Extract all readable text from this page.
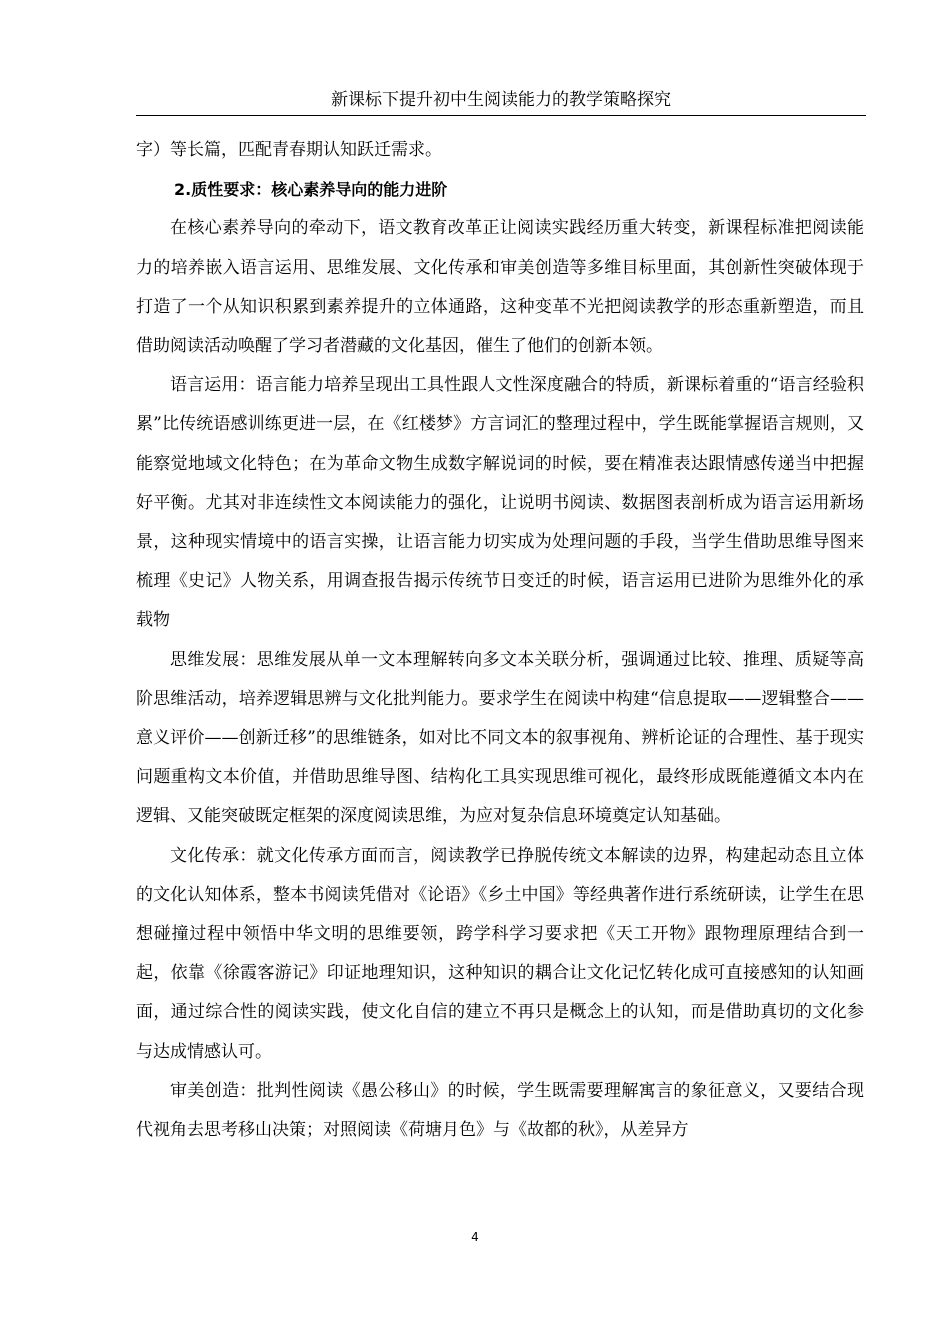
新课标下提升初中生阅读能力的教学策略探究

字）等长篇，匹配青春期认知跃迁需求。

2.质性要求：核心素养导向的能力进阶

在核心素养导向的牵动下，语文教育改革正让阅读实践经历重大转变，新课程标准把阅读能力的培养嵌入语言运用、思维发展、文化传承和审美创造等多维目标里面，其创新性突破体现于打造了一个从知识积累到素养提升的立体通路，这种变革不光把阅读教学的形态重新塑造，而且借助阅读活动唤醒了学习者潜藏的文化基因，催生了他们的创新本领。

语言运用：语言能力培养呈现出工具性跟人文性深度融合的特质，新课标着重的“语言经验积累”比传统语感训练更进一层，在《红楼梦》方言词汇的整理过程中，学生既能掌握语言规则，又能察觉地域文化特色；在为革命文物生成数字解说词的时候，要在精准表达跟情感传递当中把握好平衡。尤其对非连续性文本阅读能力的强化，让说明书阅读、数据图表剖析成为语言运用新场景，这种现实情境中的语言实操，让语言能力切实成为处理问题的手段，当学生借助思维导图来梳理《史记》人物关系，用调查报告揭示传统节日变迁的时候，语言运用已进阶为思维外化的承载物

思维发展：思维发展从单一文本理解转向多文本关联分析，强调通过比较、推理、质疑等高阶思维活动，培养逻辑思辨与文化批判能力。要求学生在阅读中构建“信息提取——逻辑整合——意义评价——创新迁移”的思维链条，如对比不同文本的叙事视角、辨析论证的合理性、基于现实问题重构文本价值，并借助思维导图、结构化工具实现思维可视化，最终形成既能遵循文本内在逻辑、又能突破既定框架的深度阅读思维，为应对复杂信息环境奠定认知基础。

文化传承：就文化传承方面而言，阅读教学已挣脱传统文本解读的边界，构建起动态且立体的文化认知体系，整本书阅读凭借对《论语》《乡土中国》等经典著作进行系统研读，让学生在思想碰撞过程中领悟中华文明的思维要领，跨学科学习要求把《天工开物》跟物理原理结合到一起，依靠《徐霞客游记》印证地理知识，这种知识的耦合让文化记忆转化成可直接感知的认知画面，通过综合性的阅读实践，使文化自信的建立不再只是概念上的认知，而是借助真切的文化参与达成情感认可。

审美创造：批判性阅读《愚公移山》的时候，学生既需要理解寓言的象征意义，又要结合现代视角去思考移山决策；对照阅读《荷塘月色》与《故都的秋》，从差异方

4
